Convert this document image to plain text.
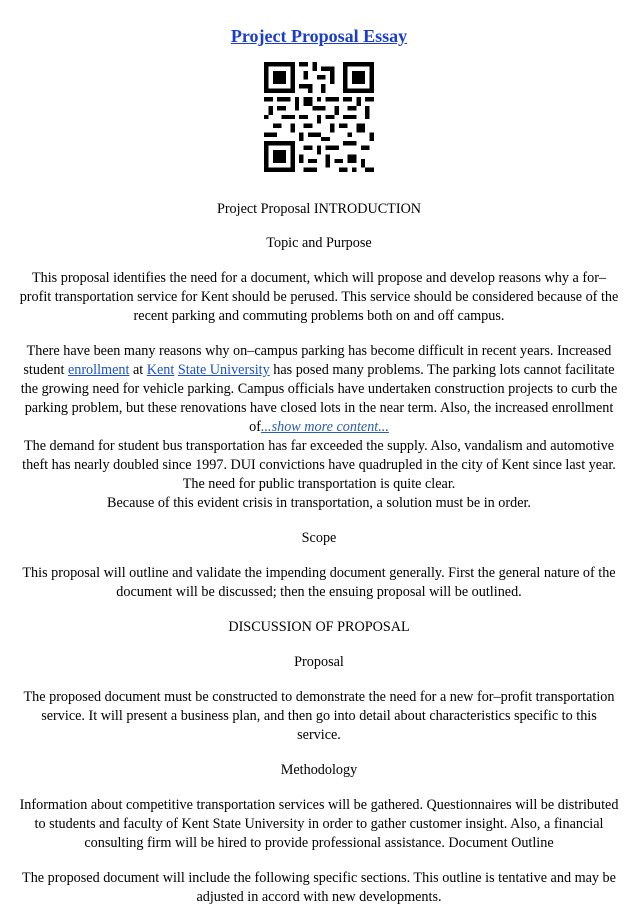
Project Proposal Essay

Project Proposal INTRODUCTION

Topic and Purpose

This proposal identifies the need for a document, which will propose and develop reasons why a for–profit transportation service for Kent should be perused. This service should be considered because of the recent parking and commuting problems both on and off campus.

There have been many reasons why on–campus parking has become difficult in recent years. Increased student enrollment at Kent State University has posed many problems. The parking lots cannot facilitate the growing need for vehicle parking. Campus officials have undertaken construction projects to curb the parking problem, but these renovations have closed lots in the near term. Also, the increased enrollment of...show more content...

The demand for student bus transportation has far exceeded the supply. Also, vandalism and automotive theft has nearly doubled since 1997. DUI convictions have quadrupled in the city of Kent since last year. The need for public transportation is quite clear.

Because of this evident crisis in transportation, a solution must be in order.

Scope

This proposal will outline and validate the impending document generally. First the general nature of the document will be discussed; then the ensuing proposal will be outlined.

DISCUSSION OF PROPOSAL

Proposal

The proposed document must be constructed to demonstrate the need for a new for–profit transportation service. It will present a business plan, and then go into detail about characteristics specific to this service.

Methodology

Information about competitive transportation services will be gathered. Questionnaires will be distributed to students and faculty of Kent State University in order to gather customer insight. Also, a financial consulting firm will be hired to provide professional assistance. Document Outline

The proposed document will include the following specific sections. This outline is tentative and may be adjusted in accord with new developments.
